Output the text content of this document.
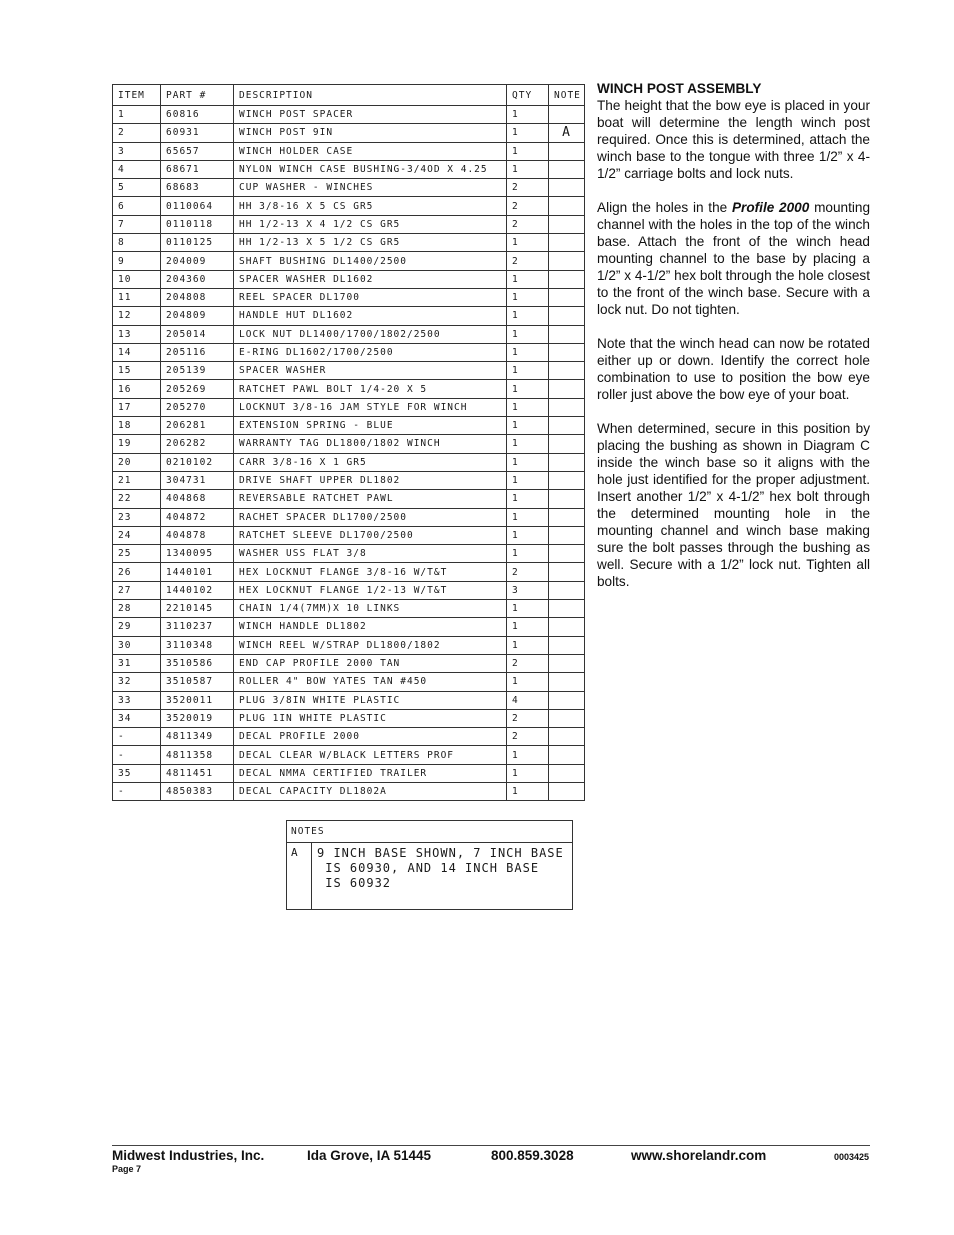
ITEM	PART #	DESCRIPTION	QTY	NOTE
1	60816	WINCH POST SPACER	1	
2	60931	WINCH POST 9IN	1	A
3	65657	WINCH HOLDER CASE	1	
4	68671	NYLON WINCH CASE BUSHING-3/4OD X 4.25	1	
5	68683	CUP WASHER - WINCHES	2	
6	0110064	HH 3/8-16 X 5 CS GR5	2	
7	0110118	HH 1/2-13 X 4 1/2 CS GR5	2	
8	0110125	HH 1/2-13 X 5 1/2 CS GR5	1	
9	204009	SHAFT BUSHING DL1400/2500	2	
10	204360	SPACER WASHER DL1602	1	
11	204808	REEL SPACER DL1700	1	
12	204809	HANDLE HUT DL1602	1	
13	205014	LOCK NUT DL1400/1700/1802/2500	1	
14	205116	E-RING DL1602/1700/2500	1	
15	205139	SPACER WASHER	1	
16	205269	RATCHET PAWL BOLT 1/4-20 X 5	1	
17	205270	LOCKNUT 3/8-16 JAM STYLE FOR WINCH	1	
18	206281	EXTENSION SPRING - BLUE	1	
19	206282	WARRANTY TAG DL1800/1802 WINCH	1	
20	0210102	CARR 3/8-16 X 1 GR5	1	
21	304731	DRIVE SHAFT UPPER DL1802	1	
22	404868	REVERSABLE RATCHET PAWL	1	
23	404872	RACHET SPACER DL1700/2500	1	
24	404878	RATCHET SLEEVE DL1700/2500	1	
25	1340095	WASHER USS FLAT 3/8	1	
26	1440101	HEX LOCKNUT FLANGE 3/8-16 W/T&T	2	
27	1440102	HEX LOCKNUT FLANGE 1/2-13 W/T&T	3	
28	2210145	CHAIN 1/4(7MM)X 10 LINKS	1	
29	3110237	WINCH HANDLE DL1802	1	
30	3110348	WINCH REEL W/STRAP DL1800/1802	1	
31	3510586	END CAP PROFILE 2000 TAN	2	
32	3510587	ROLLER 4" BOW YATES TAN #450	1	
33	3520011	PLUG 3/8IN WHITE PLASTIC	4	
34	3520019	PLUG 1IN WHITE PLASTIC	2	
-	4811349	DECAL PROFILE 2000	2	
-	4811358	DECAL CLEAR W/BLACK LETTERS PROF	1	
35	4811451	DECAL NMMA CERTIFIED TRAILER	1	
-	4850383	DECAL CAPACITY DL1802A	1	
NOTES
A	9 INCH BASE SHOWN, 7 INCH BASE
IS 60930, AND 14 INCH BASE
IS 60932
WINCH POST ASSEMBLY

The height that the bow eye is placed in your boat will determine the length winch post required. Once this is determined, attach the winch base to the tongue with three 1/2” x 4-1/2” carriage bolts and lock nuts.

Align the holes in the Profile 2000 mounting channel with the holes in the top of the winch base. Attach the front of the winch head mounting channel to the base by placing a 1/2” x 4-1/2” hex bolt through the hole closest to the front of the winch base. Secure with a lock nut. Do not tighten.

Note that the winch head can now be rotated either up or down. Identify the correct hole combination to use to position the bow eye roller just above the bow eye of your boat.

When determined, secure in this position by placing the bushing as shown in Diagram C inside the winch base so it aligns with the hole just identified for the proper adjustment. Insert another 1/2” x 4-1/2” hex bolt through the determined mounting hole in the mounting channel and winch base making sure the bolt passes through the bushing as well. Secure with a 1/2” lock nut. Tighten all bolts.

Midwest Industries, Inc.	Ida Grove, IA 51445	800.859.3028	www.shorelandr.com	0003425
Page 7
